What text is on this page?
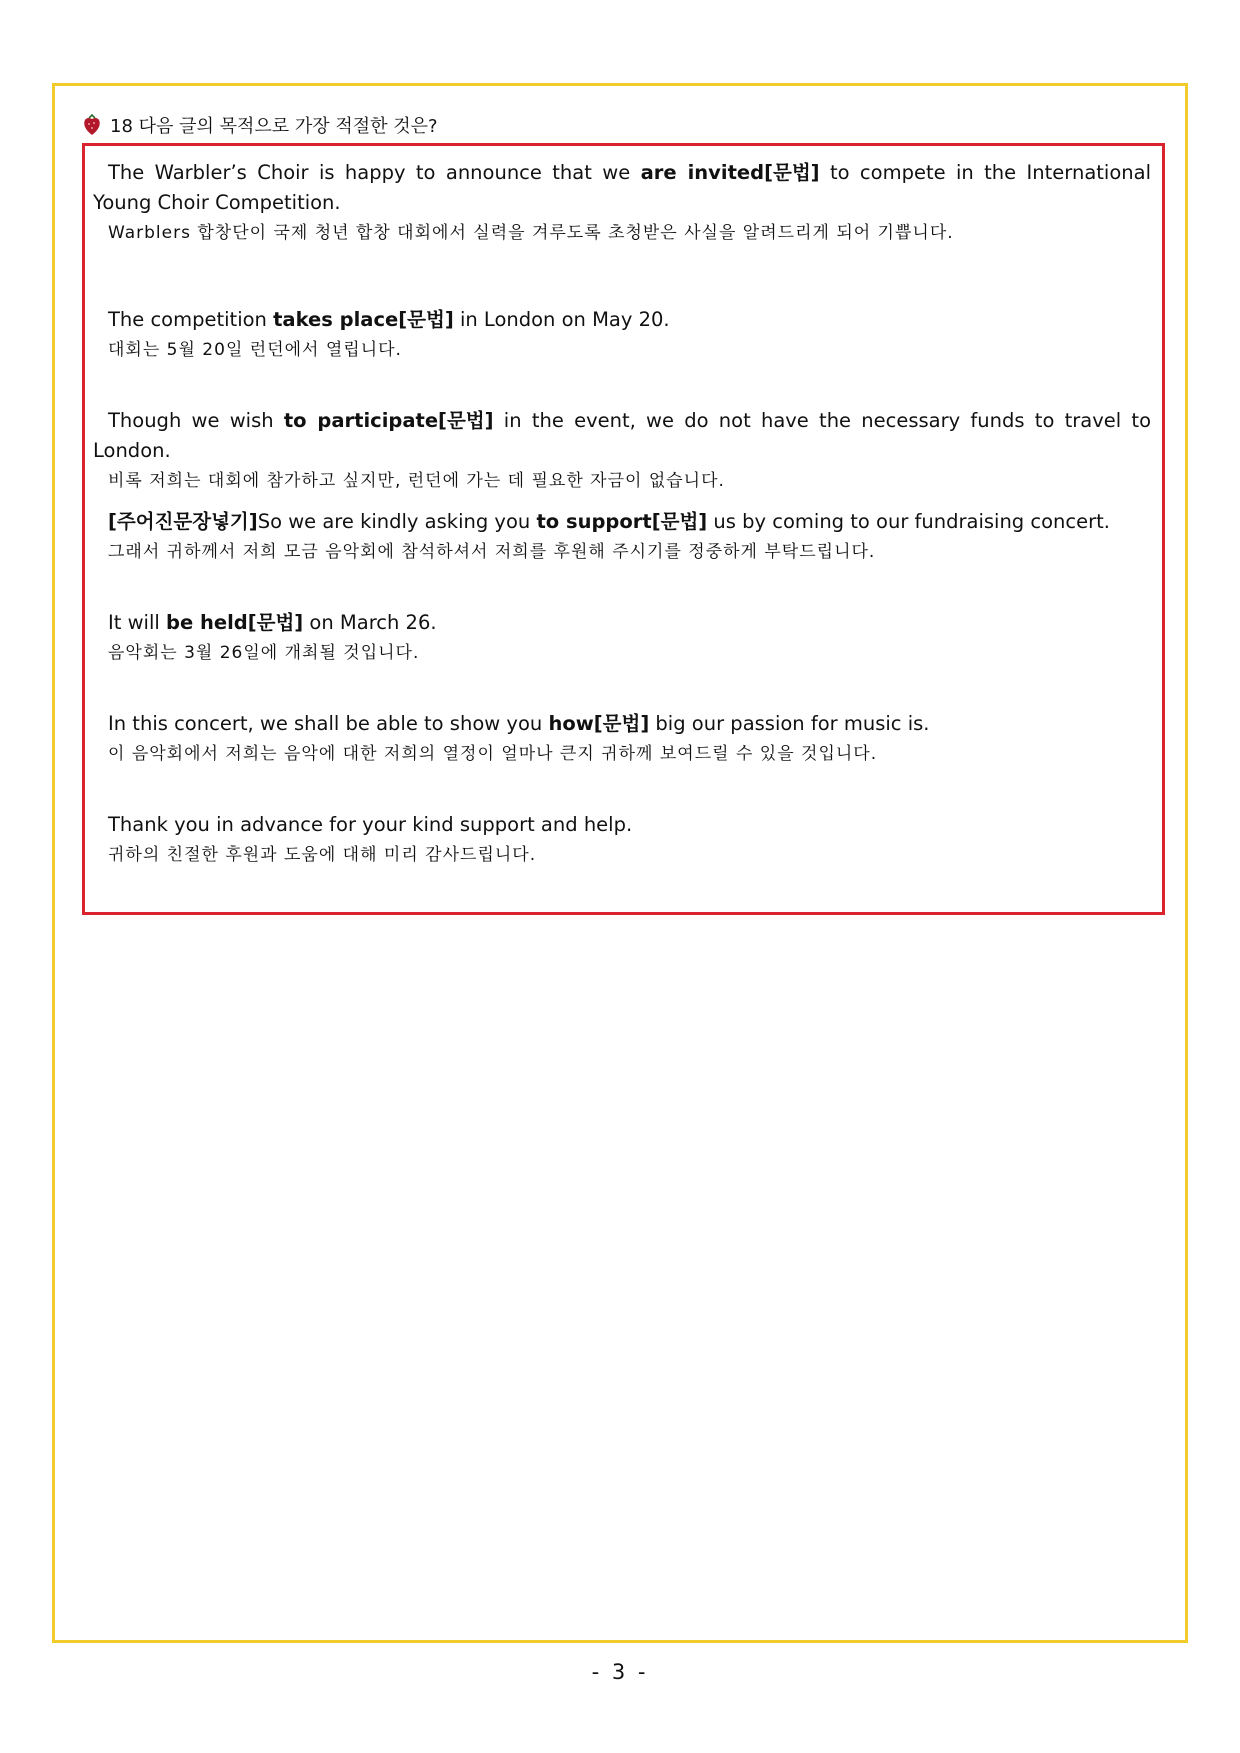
18 다음 글의 목적으로 가장 적절한 것은?

The Warbler’s Choir is happy to announce that we are invited[문법] to compete in the International Young Choir Competition.

Warblers 합창단이 국제 청년 합창 대회에서 실력을 겨루도록 초청받은 사실을 알려드리게 되어 기쁩니다.

The competition takes place[문법] in London on May 20.

대회는 5월 20일 런던에서 열립니다.

Though we wish to participate[문법] in the event, we do not have the necessary funds to travel to London.

비록 저희는 대회에 참가하고 싶지만, 런던에 가는 데 필요한 자금이 없습니다.

[주어진문장넣기]So we are kindly asking you to support[문법] us by coming to our fundraising concert.

그래서 귀하께서 저희 모금 음악회에 참석하셔서 저희를 후원해 주시기를 정중하게 부탁드립니다.

It will be held[문법] on March 26.

음악회는 3월 26일에 개최될 것입니다.

In this concert, we shall be able to show you how[문법] big our passion for music is.

이 음악회에서 저희는 음악에 대한 저희의 열정이 얼마나 큰지 귀하께 보여드릴 수 있을 것입니다.

Thank you in advance for your kind support and help.

귀하의 친절한 후원과 도움에 대해 미리 감사드립니다.
- 3 -
